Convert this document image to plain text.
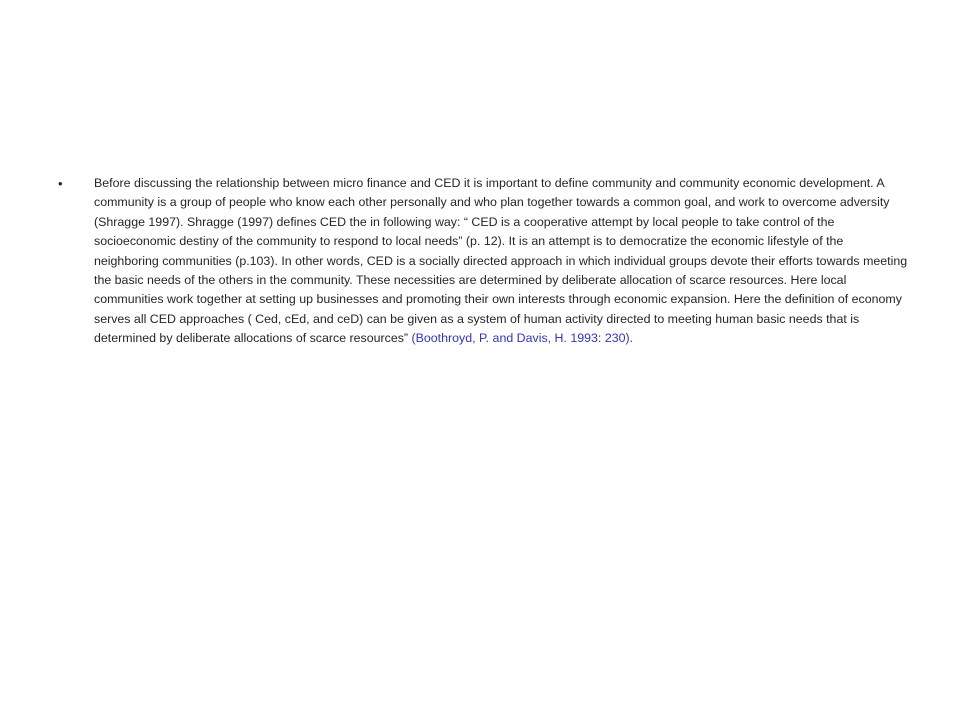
•	Before discussing the relationship between micro finance and CED it is important to define community and community economic development. A community is a group of people who know each other personally and who plan together towards a common goal, and work to overcome adversity (Shragge 1997). Shragge (1997) defines CED the in following way: “ CED is a cooperative attempt by local people to take control of the socioeconomic destiny of the community to respond to local needs” (p. 12). It is an attempt is to democratize the economic lifestyle of the neighboring communities (p.103). In other words, CED is a socially directed approach in which individual groups devote their efforts towards meeting the basic needs of the others in the community. These necessities are determined by deliberate allocation of scarce resources. Here local communities work together at setting up businesses and promoting their own interests through economic expansion. Here the definition of economy serves all CED approaches ( Ced, cEd, and ceD) can be given as a system of human activity directed to meeting human basic needs that is determined by deliberate allocations of scarce resources” (Boothroyd, P. and Davis, H. 1993: 230).
